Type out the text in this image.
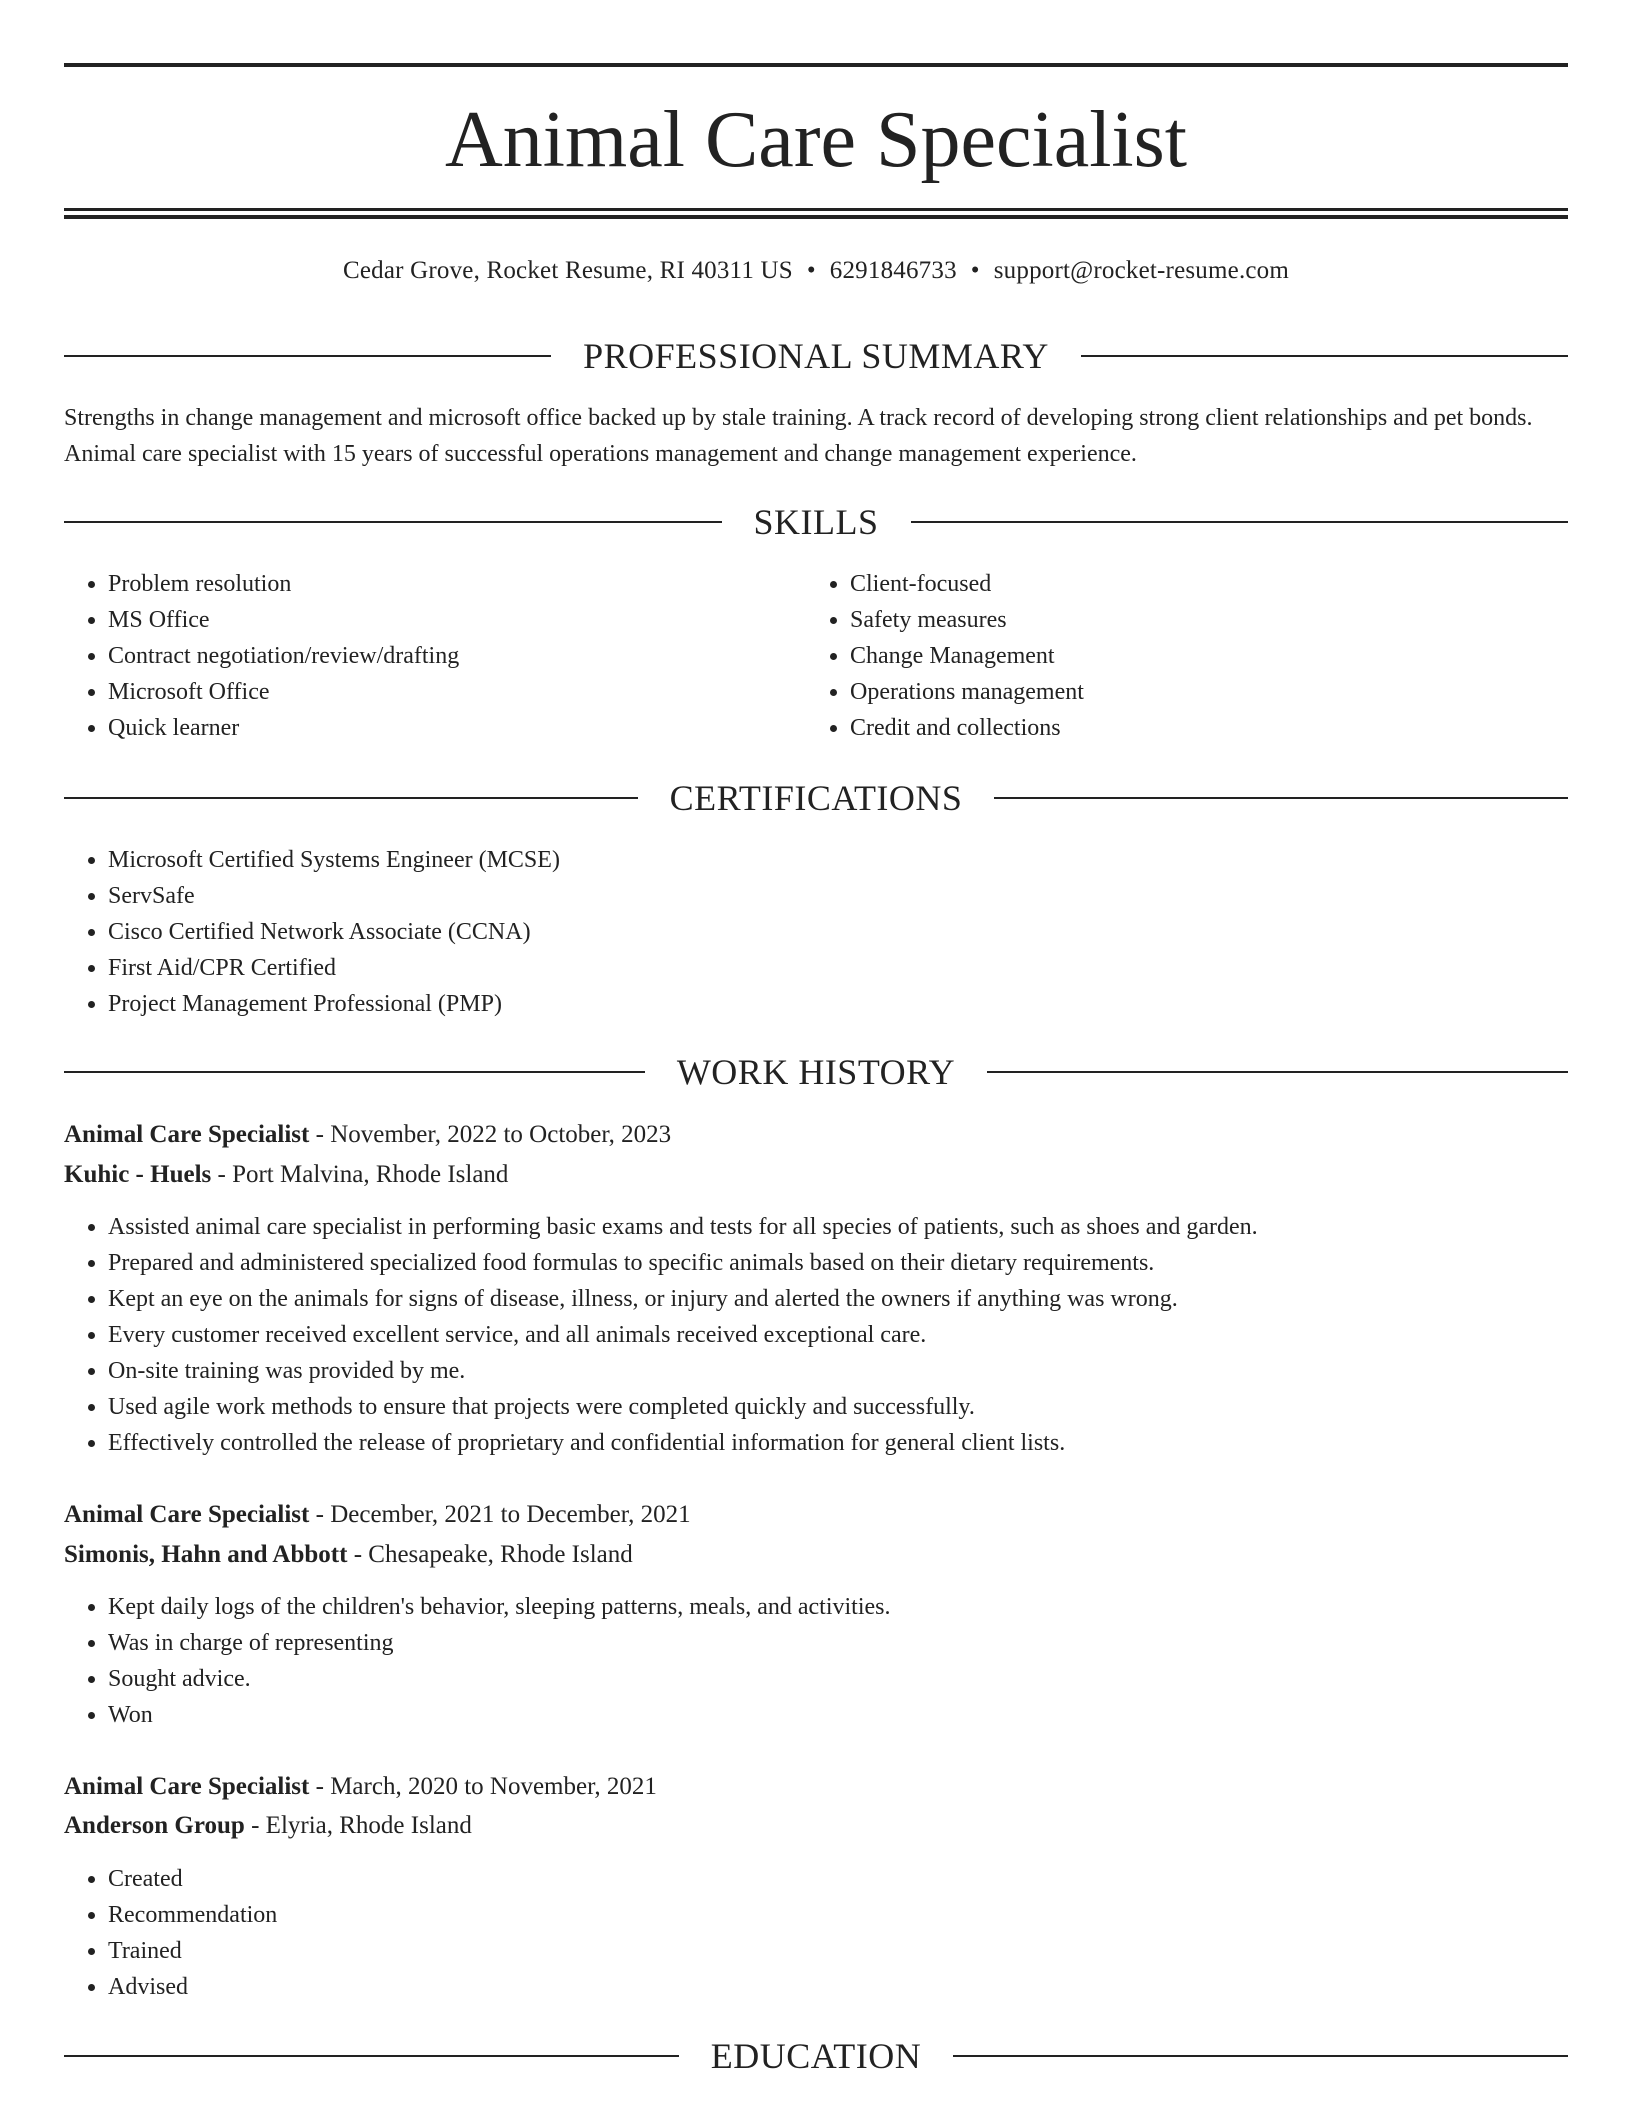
Animal Care Specialist
Cedar Grove, Rocket Resume, RI 40311 US • 6291846733 • support@rocket-resume.com
PROFESSIONAL SUMMARY
Strengths in change management and microsoft office backed up by stale training. A track record of developing strong client relationships and pet bonds. Animal care specialist with 15 years of successful operations management and change management experience.
SKILLS
• Problem resolution
• MS Office
• Contract negotiation/review/drafting
• Microsoft Office
• Quick learner
• Client-focused
• Safety measures
• Change Management
• Operations management
• Credit and collections
CERTIFICATIONS
• Microsoft Certified Systems Engineer (MCSE)
• ServSafe
• Cisco Certified Network Associate (CCNA)
• First Aid/CPR Certified
• Project Management Professional (PMP)
WORK HISTORY
Animal Care Specialist - November, 2022 to October, 2023
Kuhic - Huels - Port Malvina, Rhode Island
• Assisted animal care specialist in performing basic exams and tests for all species of patients, such as shoes and garden.
• Prepared and administered specialized food formulas to specific animals based on their dietary requirements.
• Kept an eye on the animals for signs of disease, illness, or injury and alerted the owners if anything was wrong.
• Every customer received excellent service, and all animals received exceptional care.
• On-site training was provided by me.
• Used agile work methods to ensure that projects were completed quickly and successfully.
• Effectively controlled the release of proprietary and confidential information for general client lists.
Animal Care Specialist - December, 2021 to December, 2021
Simonis, Hahn and Abbott - Chesapeake, Rhode Island
• Kept daily logs of the children's behavior, sleeping patterns, meals, and activities.
• Was in charge of representing
• Sought advice.
• Won
Animal Care Specialist - March, 2020 to November, 2021
Anderson Group - Elyria, Rhode Island
• Created
• Recommendation
• Trained
• Advised
EDUCATION
